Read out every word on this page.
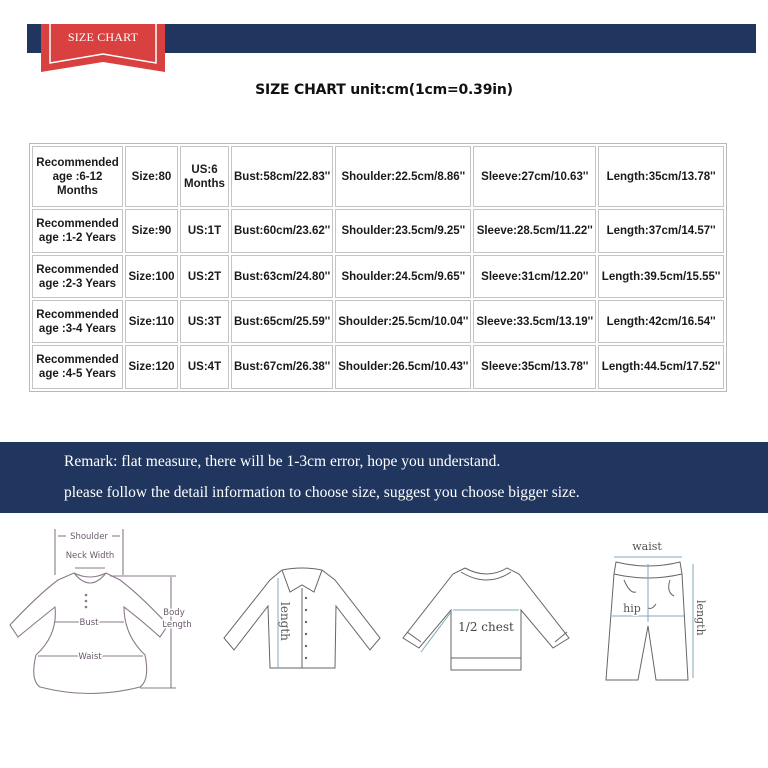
SIZE CHART
SIZE CHART unit:cm(1cm=0.39in)
Recommended age :6-12 Months	Size:80	US:6 Months	Bust:58cm/22.83''	Shoulder:22.5cm/8.86''	Sleeve:27cm/10.63''	Length:35cm/13.78''
Recommended age :1-2 Years	Size:90	US:1T	Bust:60cm/23.62''	Shoulder:23.5cm/9.25''	Sleeve:28.5cm/11.22''	Length:37cm/14.57''
Recommended age :2-3 Years	Size:100	US:2T	Bust:63cm/24.80''	Shoulder:24.5cm/9.65''	Sleeve:31cm/12.20''	Length:39.5cm/15.55''
Recommended age :3-4 Years	Size:110	US:3T	Bust:65cm/25.59''	Shoulder:25.5cm/10.04''	Sleeve:33.5cm/13.19''	Length:42cm/16.54''
Recommended age :4-5 Years	Size:120	US:4T	Bust:67cm/26.38''	Shoulder:26.5cm/10.43''	Sleeve:35cm/13.78''	Length:44.5cm/17.52''
Remark: flat measure, there will be 1-3cm error, hope you understand.
please follow the detail information to choose size, suggest you choose bigger size.
Shoulder
Neck Width
Bust
Waist
Body
Length	length	1/2 chest
waist
hip	length
